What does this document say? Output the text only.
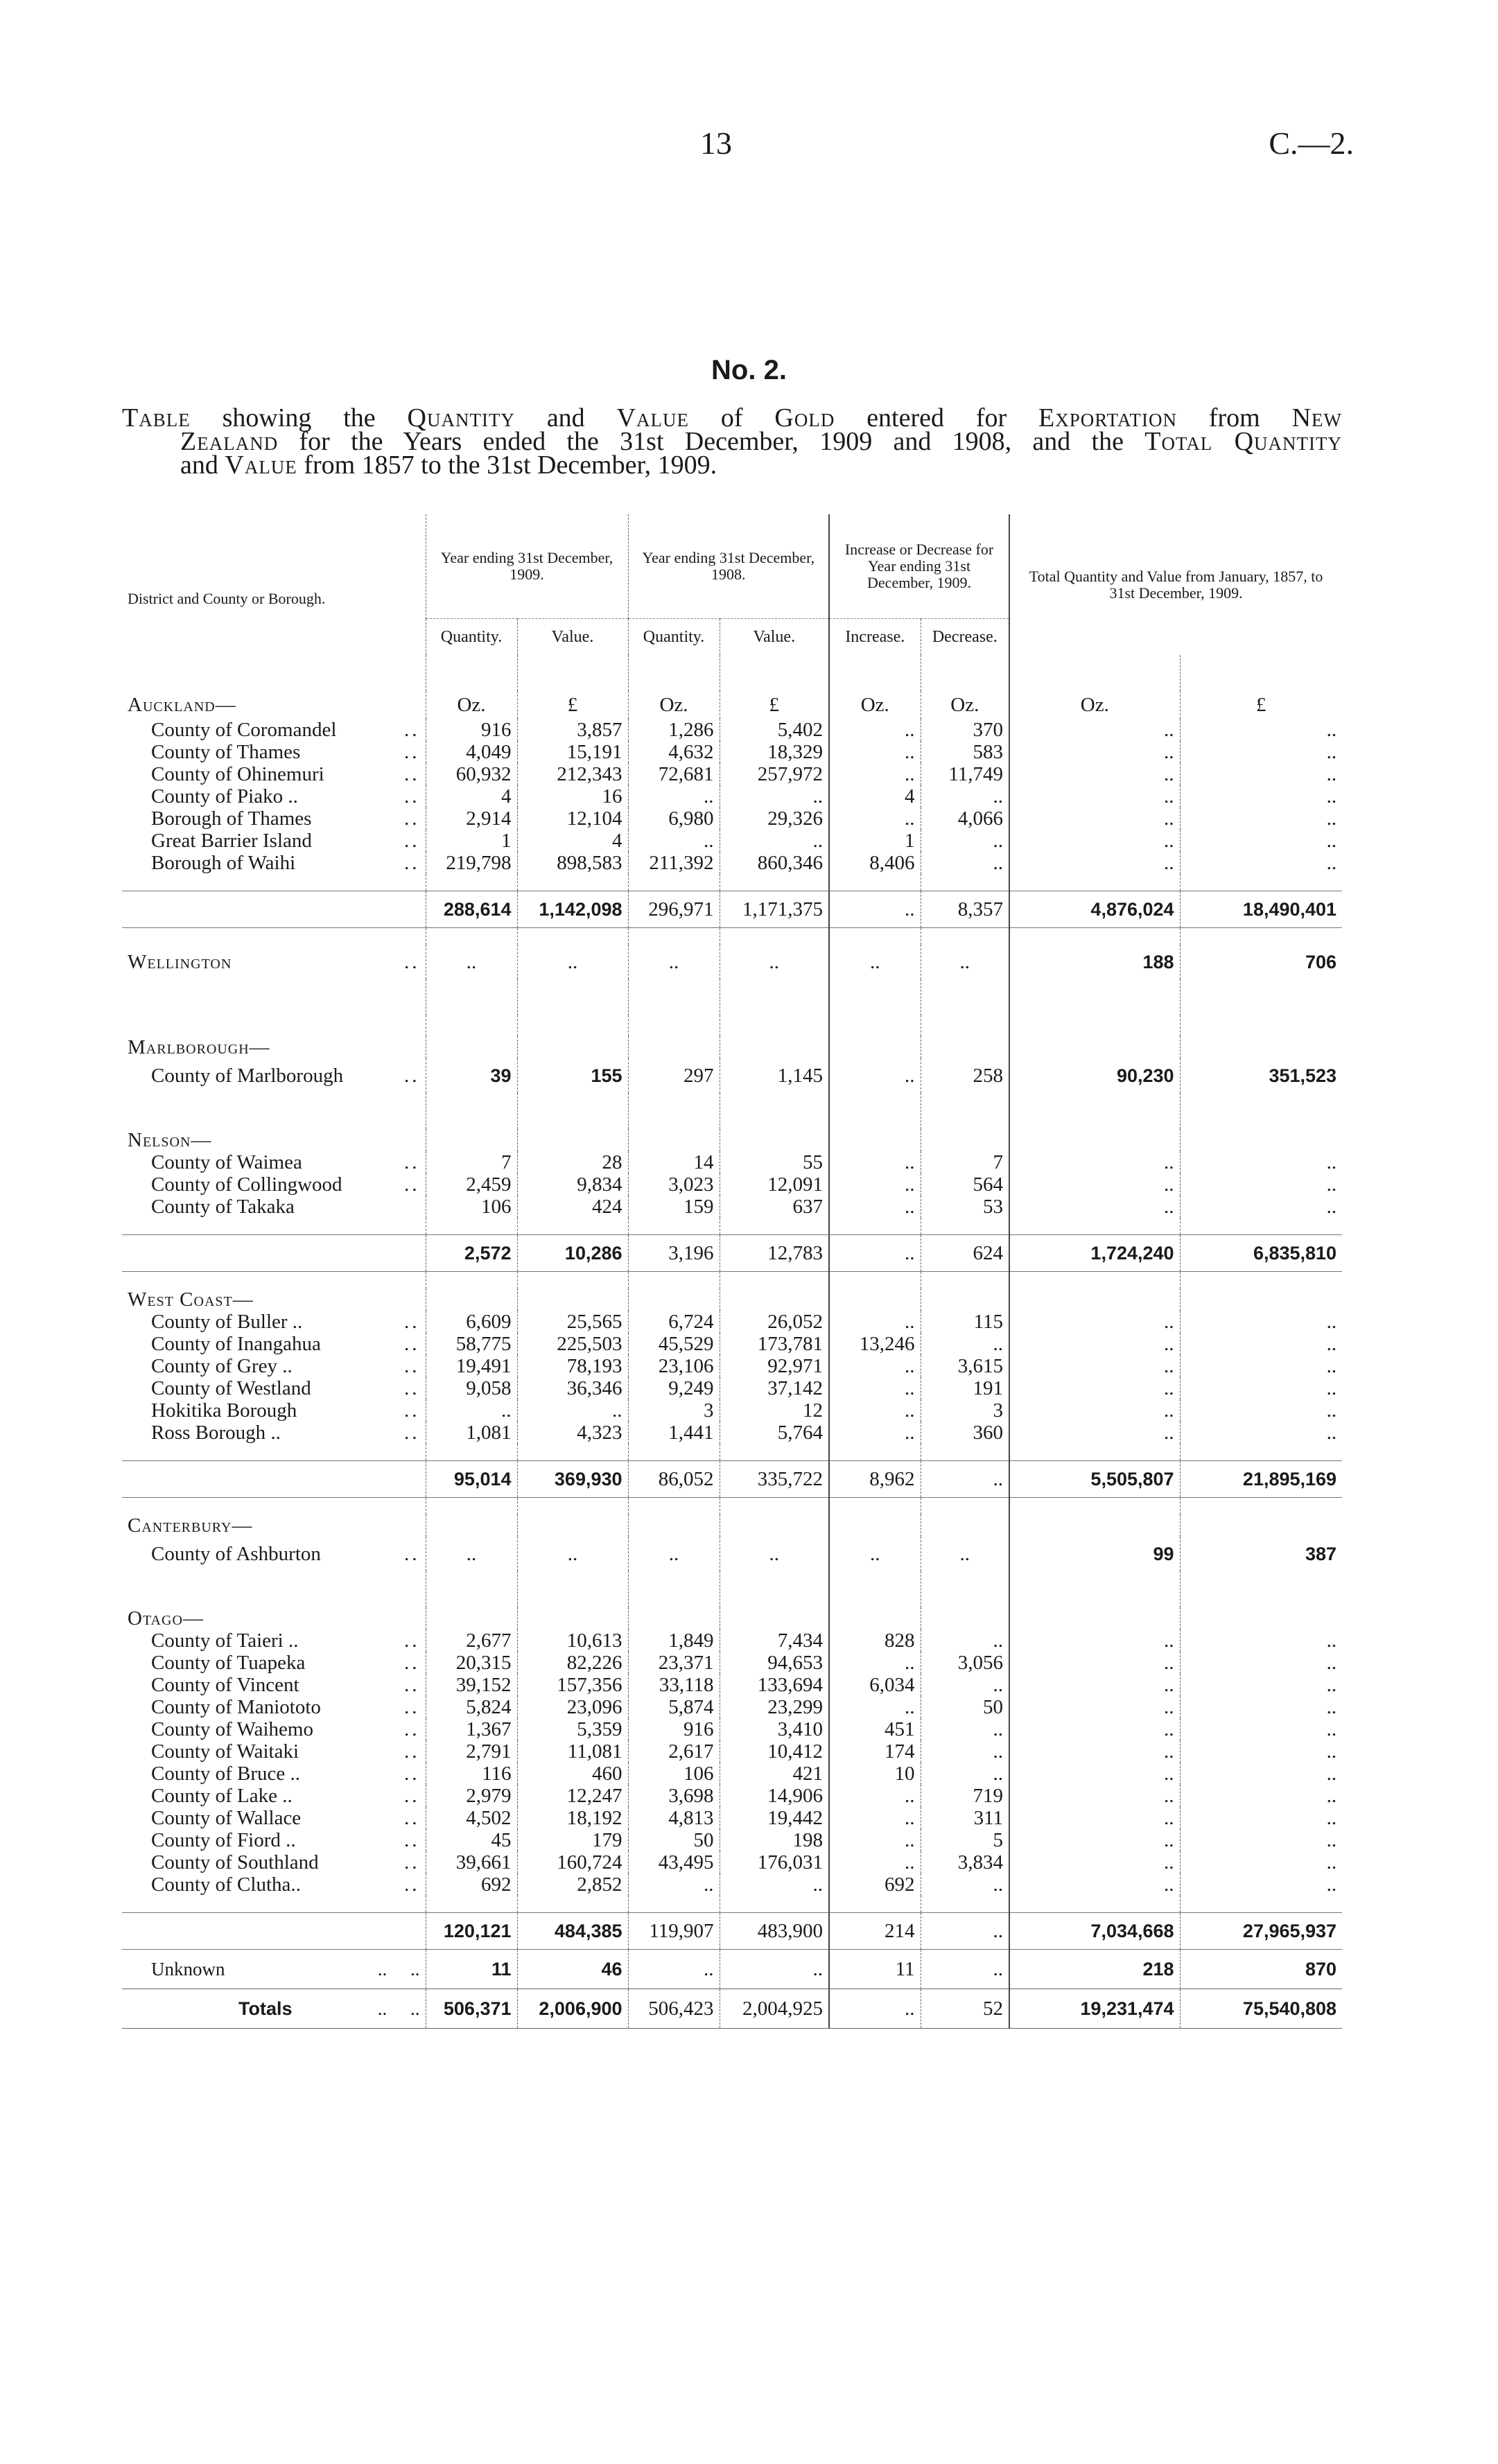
13	C.—2.
No. 2.
Table showing the Quantity and Value of Gold entered for Exportation from New
Zealand for the Years ended the 31st December, 1909 and 1908, and the Total Quantity
and Value from 1857 to the 31st December, 1909.
District and County or Borough.	Year ending 31st December, 1909.		Year ending 31st December, 1908.		Increase or Decrease for Year ending 31st December, 1909.		Total Quantity and Value from January, 1857, to 31st December, 1909.	
	Quantity.	Value.	Quantity.	Value.	Increase.	Decrease.		

Auckland—	Oz.	£	Oz.	£	Oz.	Oz.	Oz.	£
County of Coromandel ..	916	3,857	1,286	5,402	..	370	..	..
County of Thames ..	4,049	15,191	4,632	18,329	..	583	..	..
County of Ohinemuri ..	60,932	212,343	72,681	257,972	..	11,749	..	..
County of Piako .. ..	4	16	..	..	4	..	..	..
Borough of Thames ..	2,914	12,104	6,980	29,326	..	4,066	..	..
Great Barrier Island ..	1	4	..	..	1	..	..	..
Borough of Waihi ..	219,798	898,583	211,392	860,346	8,406	..	..	..

	288,614	1,142,098	296,971	1,171,375	..	8,357	4,876,024	18,490,401

Wellington ..	..	..	..	..	..	..	188	706

Marlborough—								
County of Marlborough ..	39	155	297	1,145	..	258	90,230	351,523

Nelson—								
County of Waimea ..	7	28	14	55	..	7	..	..
County of Collingwood ..	2,459	9,834	3,023	12,091	..	564	..	..
County of Takaka	106	424	159	637	..	53	..	..

	2,572	10,286	3,196	12,783	..	624	1,724,240	6,835,810

West Coast—								
County of Buller .. ..	6,609	25,565	6,724	26,052	..	115	..	..
County of Inangahua ..	58,775	225,503	45,529	173,781	13,246	..	..	..
County of Grey .. ..	19,491	78,193	23,106	92,971	..	3,615	..	..
County of Westland ..	9,058	36,346	9,249	37,142	..	191	..	..
Hokitika Borough ..	..	..	3	12	..	3	..	..
Ross Borough .. ..	1,081	4,323	1,441	5,764	..	360	..	..

	95,014	369,930	86,052	335,722	8,962	..	5,505,807	21,895,169

Canterbury—								
County of Ashburton ..	..	..	..	..	..	..	99	387

Otago—								
County of Taieri .. ..	2,677	10,613	1,849	7,434	828	..	..	..
County of Tuapeka ..	20,315	82,226	23,371	94,653	..	3,056	..	..
County of Vincent ..	39,152	157,356	33,118	133,694	6,034	..	..	..
County of Maniototo ..	5,824	23,096	5,874	23,299	..	50	..	..
County of Waihemo ..	1,367	5,359	916	3,410	451	..	..	..
County of Waitaki ..	2,791	11,081	2,617	10,412	174	..	..	..
County of Bruce .. ..	116	460	106	421	10	..	..	..
County of Lake .. ..	2,979	12,247	3,698	14,906	..	719	..	..
County of Wallace ..	4,502	18,192	4,813	19,442	..	311	..	..
County of Fiord .. ..	45	179	50	198	..	5	..	..
County of Southland ..	39,661	160,724	43,495	176,031	..	3,834	..	..
County of Clutha.. ..	692	2,852	..	..	692	..	..	..

	120,121	484,385	119,907	483,900	214	..	7,034,668	27,965,937
Unknown ..     ..	11	46	..	..	11	..	218	870
Totals ..     ..	506,371	2,006,900	506,423	2,004,925	..	52	19,231,474	75,540,808
